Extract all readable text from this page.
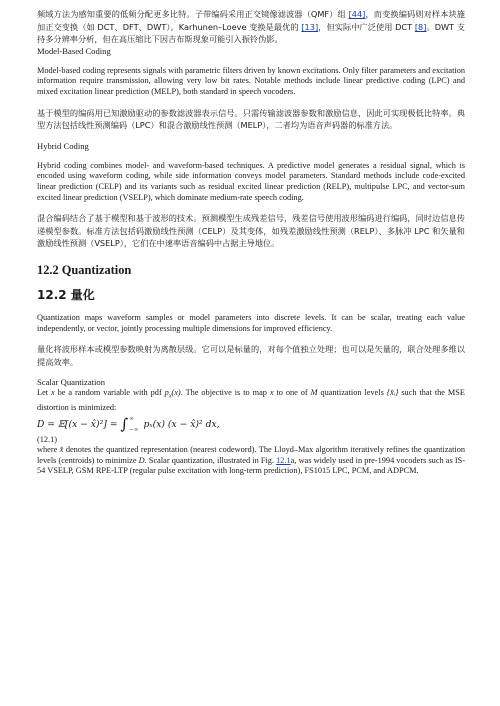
频域方法为感知重要的低频分配更多比特。子带编码采用正交镜像滤波器（QMF）组 [44]，而变换编码则对样本块施加正交变换（如 DCT、DFT、DWT）。Karhunen–Loeve 变换是最优的 [13]，但实际中广泛使用 DCT [8]。DWT 支持多分辨率分析，但在高压缩比下因吉布斯现象可能引入振铃伪影。

Model-Based Coding

Model-based coding represents signals with parametric filters driven by known excitations. Only filter parameters and excitation information require transmission, allowing very low bit rates. Notable methods include linear predictive coding (LPC) and mixed excitation linear prediction (MELP), both standard in speech vocoders.

基于模型的编码用已知激励驱动的参数滤波器表示信号。只需传输滤波器参数和激励信息，因此可实现极低比特率。典型方法包括线性预测编码（LPC）和混合激励线性预测（MELP），二者均为语音声码器的标准方法。

Hybrid Coding

Hybrid coding combines model- and waveform-based techniques. A predictive model generates a residual signal, which is encoded using waveform coding, while side information conveys model parameters. Standard methods include code-excited linear prediction (CELP) and its variants such as residual excited linear prediction (RELP), multipulse LPC, and vector-sum excited linear prediction (VSELP), which dominate medium-rate speech coding.

混合编码结合了基于模型和基于波形的技术。预测模型生成残差信号，残差信号使用波形编码进行编码，同时边信息传递模型参数。标准方法包括码激励线性预测（CELP）及其变体，如残差激励线性预测（RELP）、多脉冲 LPC 和矢量和激励线性预测（VSELP），它们在中速率语音编码中占据主导地位。

12.2 Quantization
12.2 量化

Quantization maps waveform samples or model parameters into discrete levels. It can be scalar, treating each value independently, or vector, jointly processing multiple dimensions for improved efficiency.

量化将波形样本或模型参数映射为离散层级。它可以是标量的，对每个值独立处理；也可以是矢量的，联合处理多维以提高效率。

Scalar Quantization

Let x be a random variable with pdf $p_x(x)$. The objective is to map x to one of M quantization levels {x̂ᵢ} such that the MSE distortion is minimized:

D = 𝔼[(x − x̂)²] = ∫ ∞
−∞ pₓ(x) (x − x̂)² dx,

(12.1)

where x̂ denotes the quantized representation (nearest codeword). The Lloyd–Max algorithm iteratively refines the quantization levels (centroids) to minimize D. Scalar quantization, illustrated in Fig. 12.1a, was widely used in pre-1994 vocoders such as IS-54 VSELP, GSM RPE-LTP (regular pulse excitation with long-term prediction), FS1015 LPC, PCM, and ADPCM.
